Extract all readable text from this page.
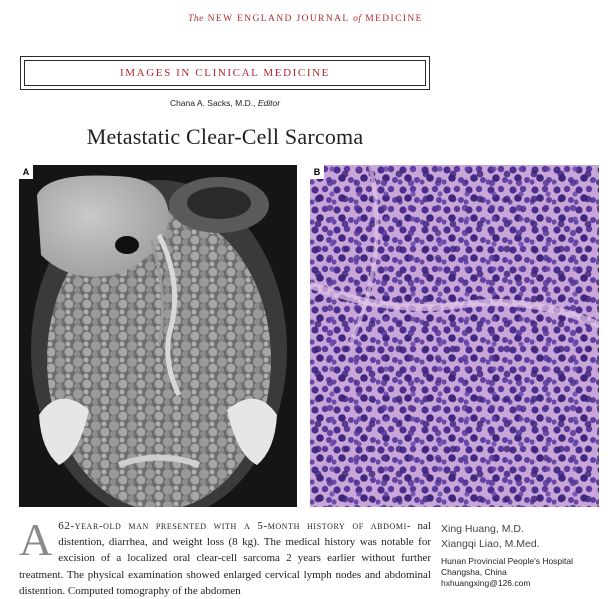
The NEW ENGLAND JOURNAL of MEDICINE
IMAGES IN CLINICAL MEDICINE
Chana A. Sacks, M.D., Editor
Metastatic Clear-Cell Sarcoma
A	B
A 62-year-old man presented with a 5-month history of abdomi- nal distention, diarrhea, and weight loss (8 kg). The medical history was notable for excision of a localized oral clear-cell sarcoma 2 years earlier without further treatment. The physical examination showed enlarged cervical lymph nodes and abdominal distention. Computed tomography of the abdomen
Xing Huang, M.D.
Xiangqi Liao, M.Med.
Hunan Provincial People's Hospital
Changsha, China
hxhuangxing@126.com
